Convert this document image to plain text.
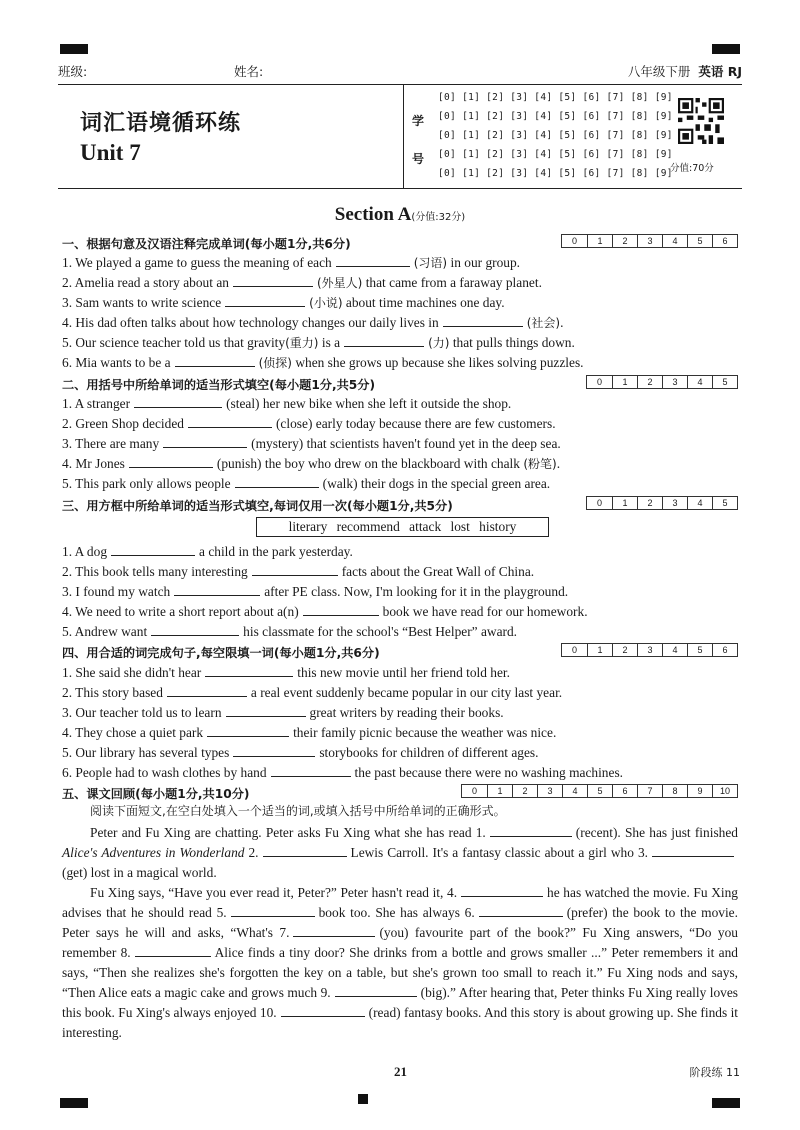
班级:	姓名:	八年级下册 英语 RJ
词汇语境循环练
Unit 7
学
号
[0] [1] [2] [3] [4] [5] [6] [7] [8] [9]
[0] [1] [2] [3] [4] [5] [6] [7] [8] [9]
[0] [1] [2] [3] [4] [5] [6] [7] [8] [9]
[0] [1] [2] [3] [4] [5] [6] [7] [8] [9]
[0] [1] [2] [3] [4] [5] [6] [7] [8] [9]
分值:70分
Section A(分值:32分)
一、根据句意及汉语注释完成单词(每小题1分,共6分)	0	1	2	3	4	5	6
1. We played a game to guess the meaning of each	(习语) in our group.
2. Amelia read a story about an	(外星人) that came from a faraway planet.
3. Sam wants to write science	(小说) about time machines one day.
4. His dad often talks about how technology changes our daily lives in	(社会).
5. Our science teacher told us that gravity(重力) is a	(力) that pulls things down.
6. Mia wants to be a	(侦探) when she grows up because she likes solving puzzles.
二、用括号中所给单词的适当形式填空(每小题1分,共5分)	0	1	2	3	4	5
1. A stranger	(steal) her new bike when she left it outside the shop.
2. Green Shop decided	(close) early today because there are few customers.
3. There are many	(mystery) that scientists haven't found yet in the deep sea.
4. Mr Jones	(punish) the boy who drew on the blackboard with chalk (粉笔).
5. This park only allows people	(walk) their dogs in the special green area.
三、用方框中所给单词的适当形式填空,每词仅用一次(每小题1分,共5分)	0	1	2	3	4	5
literary recommend attack lost history
1. A dog	a child in the park yesterday.
2. This book tells many interesting	facts about the Great Wall of China.
3. I found my watch	after PE class. Now, I'm looking for it in the playground.
4. We need to write a short report about a(n)	book we have read for our homework.
5. Andrew want	his classmate for the school's “Best Helper” award.
四、用合适的词完成句子,每空限填一词(每小题1分,共6分)	0	1	2	3	4	5	6
1. She said she didn't hear	this new movie until her friend told her.
2. This story based	a real event suddenly became popular in our city last year.
3. Our teacher told us to learn	great writers by reading their books.
4. They chose a quiet park	their family picnic because the weather was nice.
5. Our library has several types	storybooks for children of different ages.
6. People had to wash clothes by hand	the past because there were no washing machines.
五、课文回顾(每小题1分,共10分)	0	1	2	3	4	5	6	7	8	9	10
阅读下面短文,在空白处填入一个适当的词,或填入括号中所给单词的正确形式。
Peter and Fu Xing are chatting. Peter asks Fu Xing what she has read 1.	(recent). She has just finished Alice's Adventures in Wonderland 2.	Lewis Carroll. It's a fantasy classic about a girl who 3.(get) lost in a magical world.
Fu Xing says, “Have you ever read it, Peter?” Peter hasn't read it, 4.	he has watched the movie. Fu Xing advises that he should read 5.	book too. She has always 6.	(prefer) the book to the movie. Peter says he will and asks, “What's 7.	(you) favourite part of the book?” Fu Xing answers, “Do you remember 8.	Alice finds a tiny door? She drinks from a bottle and grows smaller ...” Peter remembers it and says, “Then she realizes she's forgotten the key on a table, but she's grown too small to reach it.” Fu Xing nods and says, “Then Alice eats a magic cake and grows much 9.	(big).” After hearing that, Peter thinks Fu Xing really loves this book. Fu Xing's always enjoyed 10.	(read) fantasy books. And this story is about growing up. She finds it interesting.
21	阶段练 11
